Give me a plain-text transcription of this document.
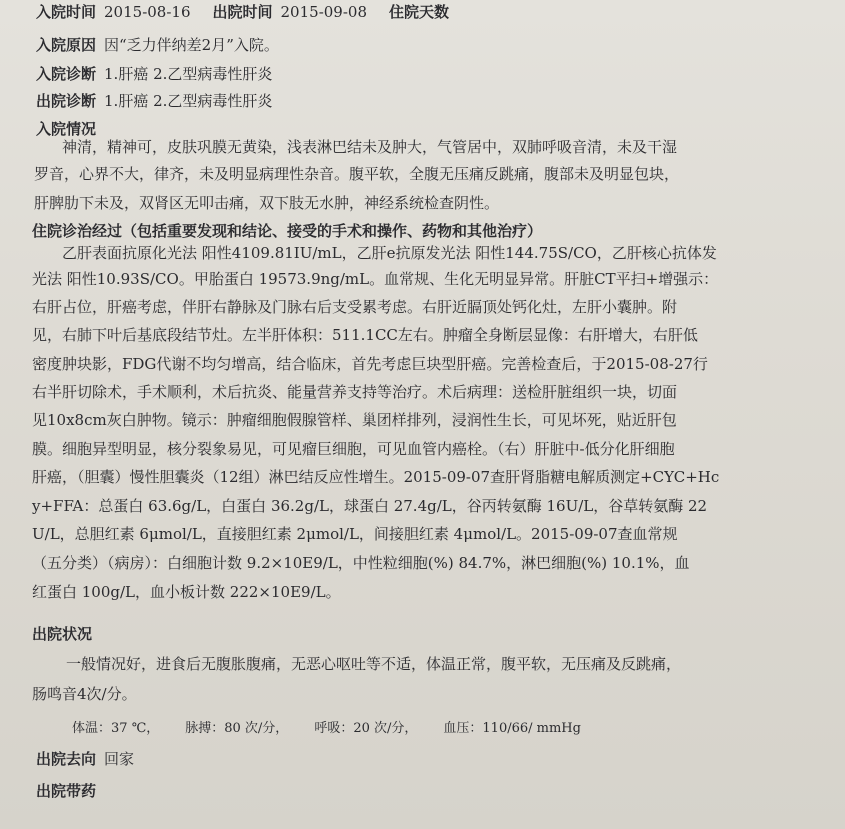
入院时间 2015-08-16 出院时间 2015-09-08 住院天数
入院原因 因“乏力伴纳差2月”入院。
入院诊断 1.肝癌 2.乙型病毒性肝炎
出院诊断 1.肝癌 2.乙型病毒性肝炎
入院情况
神清，精神可，皮肤巩膜无黄染，浅表淋巴结未及肿大，气管居中，双肺呼吸音清，未及干湿
罗音，心界不大，律齐，未及明显病理性杂音。腹平软，全腹无压痛反跳痛，腹部未及明显包块，
肝脾肋下未及，双肾区无叩击痛，双下肢无水肿，神经系统检查阴性。
住院诊治经过（包括重要发现和结论、接受的手术和操作、药物和其他治疗）
乙肝表面抗原化光法 阳性4109.81IU/mL，乙肝e抗原发光法 阳性144.75S/CO，乙肝核心抗体发
光法 阳性10.93S/CO。甲胎蛋白 19573.9ng/mL。血常规、生化无明显异常。肝脏CT平扫+增强示：
右肝占位，肝癌考虑，伴肝右静脉及门脉右后支受累考虑。右肝近膈顶处钙化灶，左肝小囊肿。附
见，右肺下叶后基底段结节灶。左半肝体积：511.1CC左右。肿瘤全身断层显像：右肝增大，右肝低
密度肿块影，FDG代谢不均匀增高，结合临床，首先考虑巨块型肝癌。完善检查后，于2015-08-27行
右半肝切除术，手术顺利，术后抗炎、能量营养支持等治疗。术后病理：送检肝脏组织一块，切面
见10x8cm灰白肿物。镜示：肿瘤细胞假腺管样、巢团样排列，浸润性生长，可见坏死，贴近肝包
膜。细胞异型明显，核分裂象易见，可见瘤巨细胞，可见血管内癌栓。（右）肝脏中-低分化肝细胞
肝癌，（胆囊）慢性胆囊炎（12组）淋巴结反应性增生。2015-09-07查肝肾脂糖电解质测定+CYC+Hc
y+FFA：总蛋白 63.6g/L，白蛋白 36.2g/L，球蛋白 27.4g/L，谷丙转氨酶 16U/L，谷草转氨酶 22
U/L，总胆红素 6μmol/L，直接胆红素 2μmol/L，间接胆红素 4μmol/L。2015-09-07查血常规
（五分类）（病房）：白细胞计数 9.2×10E9/L，中性粒细胞(%) 84.7%，淋巴细胞(%) 10.1%，血
红蛋白 100g/L，血小板计数 222×10E9/L。
出院状况
一般情况好，进食后无腹胀腹痛，无恶心呕吐等不适，体温正常，腹平软，无压痛及反跳痛，
肠鸣音4次/分。
体温：37 ℃， 脉搏：80 次/分， 呼吸：20 次/分， 血压：110/66/ mmHg
出院去向 回家
出院带药
